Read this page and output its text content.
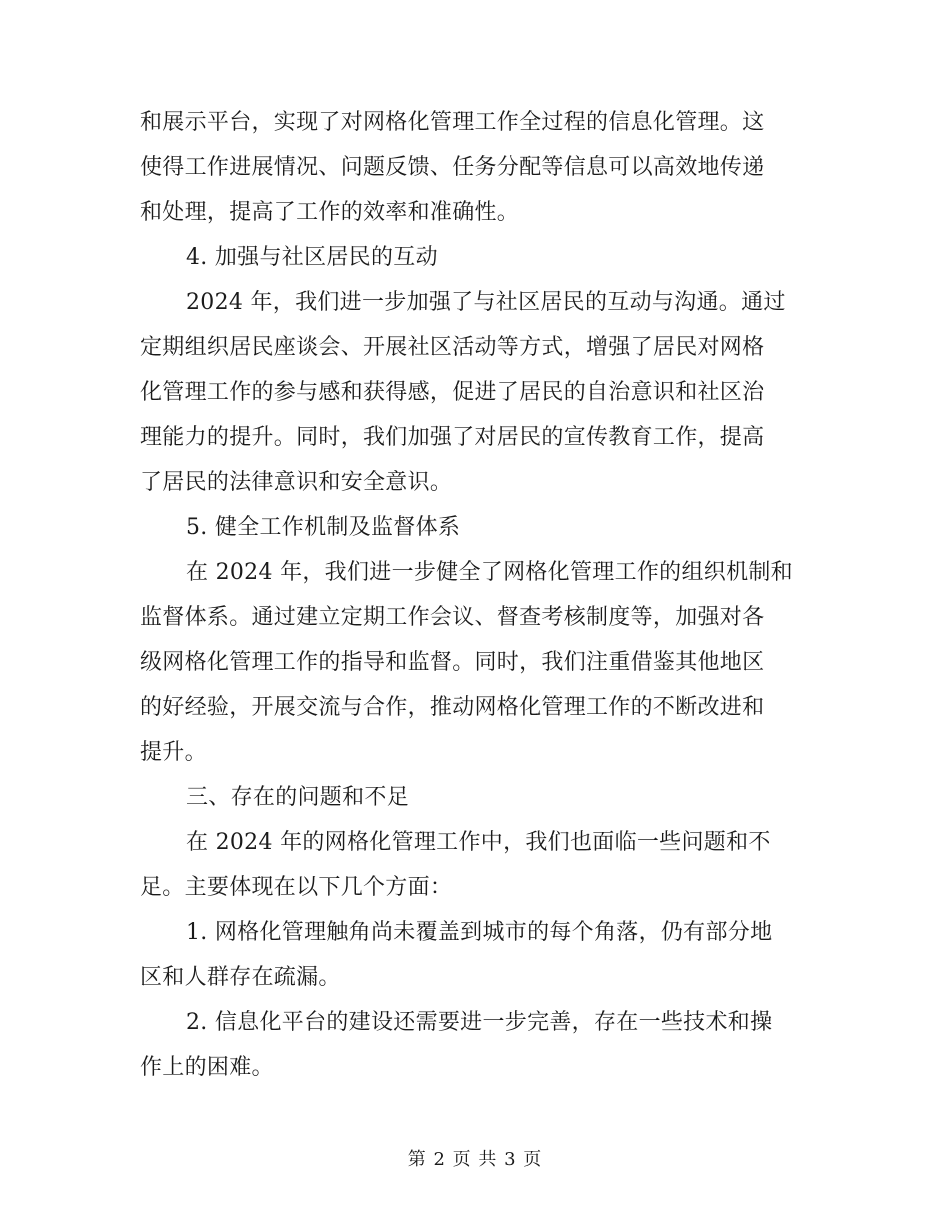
和展示平台，实现了对网格化管理工作全过程的信息化管理。这
使得工作进展情况、问题反馈、任务分配等信息可以高效地传递
和处理，提高了工作的效率和准确性。
4. 加强与社区居民的互动
2024 年，我们进一步加强了与社区居民的互动与沟通。通过
定期组织居民座谈会、开展社区活动等方式，增强了居民对网格
化管理工作的参与感和获得感，促进了居民的自治意识和社区治
理能力的提升。同时，我们加强了对居民的宣传教育工作，提高
了居民的法律意识和安全意识。
5. 健全工作机制及监督体系
在 2024 年，我们进一步健全了网格化管理工作的组织机制和
监督体系。通过建立定期工作会议、督查考核制度等，加强对各
级网格化管理工作的指导和监督。同时，我们注重借鉴其他地区
的好经验，开展交流与合作，推动网格化管理工作的不断改进和
提升。
三、存在的问题和不足
在 2024 年的网格化管理工作中，我们也面临一些问题和不
足。主要体现在以下几个方面：
1. 网格化管理触角尚未覆盖到城市的每个角落，仍有部分地
区和人群存在疏漏。
2. 信息化平台的建设还需要进一步完善，存在一些技术和操
作上的困难。
第 2 页 共 3 页
